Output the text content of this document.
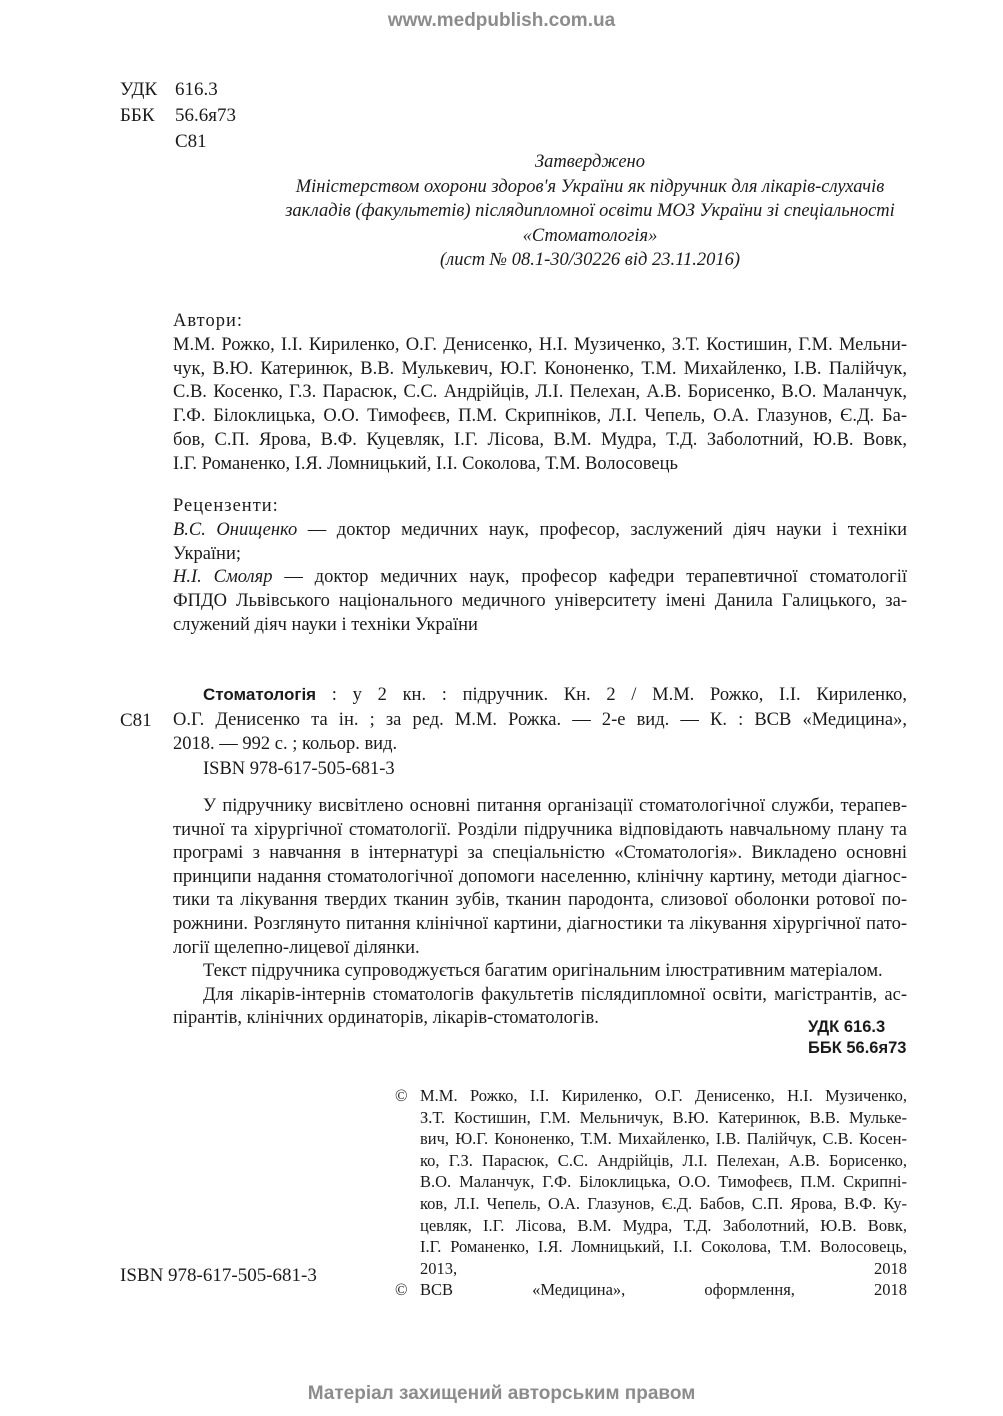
www.medpublish.com.ua
УДК 616.3
ББК 56.6я73
С81
Затверджено
Міністерством охорони здоров'я України як підручник для лікарів-слухачів
закладів (факультетів) післядипломної освіти МОЗ України зі спеціальності
«Стоматологія»
(лист № 08.1-30/30226 від 23.11.2016)
Автори:
М.М. Рожко, І.І. Кириленко, О.Г. Денисенко, Н.І. Музиченко, З.Т. Костишин, Г.М. Мельни-
чук, В.Ю. Катеринюк, В.В. Мулькевич, Ю.Г. Кононенко, Т.М. Михайленко, І.В. Палійчук,
С.В. Косенко, Г.З. Парасюк, С.С. Андрійців, Л.І. Пелехан, А.В. Борисенко, В.О. Маланчук,
Г.Ф. Білоклицька, О.О. Тимофеєв, П.М. Скрипніков, Л.І. Чепель, О.А. Глазунов, Є.Д. Ба-
бов, С.П. Ярова, В.Ф. Куцевляк, І.Г. Лісова, В.М. Мудра, Т.Д. Заболотний, Ю.В. Вовк,
І.Г. Романенко, І.Я. Ломницький, І.І. Соколова, Т.М. Волосовець
Рецензенти:
В.С. Онищенко — доктор медичних наук, професор, заслужений діяч науки і техніки
України;
Н.І. Смоляр — доктор медичних наук, професор кафедри терапевтичної стоматології
ФПДО Львівського національного медичного університету імені Данила Галицького, за-
служений діяч науки і техніки України
С81
Стоматологія : у 2 кн. : підручник. Кн. 2 / М.М. Рожко, І.І. Кириленко,
О.Г. Денисенко та ін. ; за ред. М.М. Рожка. — 2-е вид. — К. : ВСВ «Медицина»,
2018. — 992 с. ; кольор. вид.
ISBN 978-617-505-681-3
У підручнику висвітлено основні питання організації стоматологічної служби, терапев-
тичної та хірургічної стоматології. Розділи підручника відповідають навчальному плану та
програмі з навчання в інтернатурі за спеціальністю «Стоматологія». Викладено основні
принципи надання стоматологічної допомоги населенню, клінічну картину, методи діагнос-
тики та лікування твердих тканин зубів, тканин пародонта, слизової оболонки ротової по-
рожнини. Розглянуто питання клінічної картини, діагностики та лікування хірургічної пато-
логії щелепно-лицевої ділянки.
Текст підручника супроводжується багатим оригінальним ілюстративним матеріалом.
Для лікарів-інтернів стоматологів факультетів післядипломної освіти, магістрантів, ас-
пірантів, клінічних ординаторів, лікарів-стоматологів.	УДК 616.3
ББК 56.6я73
© М.М. Рожко, І.І. Кириленко, О.Г. Денисенко, Н.І. Музиченко,
З.Т. Костишин, Г.М. Мельничук, В.Ю. Катеринюк, В.В. Мульке-
вич, Ю.Г. Кононенко, Т.М. Михайленко, І.В. Палійчук, С.В. Косен-
ко, Г.З. Парасюк, С.С. Андрійців, Л.І. Пелехан, А.В. Борисенко,
В.О. Маланчук, Г.Ф. Білоклицька, О.О. Тимофеєв, П.М. Скрипні-
ков, Л.І. Чепель, О.А. Глазунов, Є.Д. Бабов, С.П. Ярова, В.Ф. Ку-
цевляк, І.Г. Лісова, В.М. Мудра, Т.Д. Заболотний, Ю.В. Вовк,
І.Г. Романенко, І.Я. Ломницький, І.І. Соколова, Т.М. Волосовець,
2013, 2018
© ВСВ «Медицина», оформлення, 2018
ISBN 978-617-505-681-3
Матеріал захищений авторським правом
